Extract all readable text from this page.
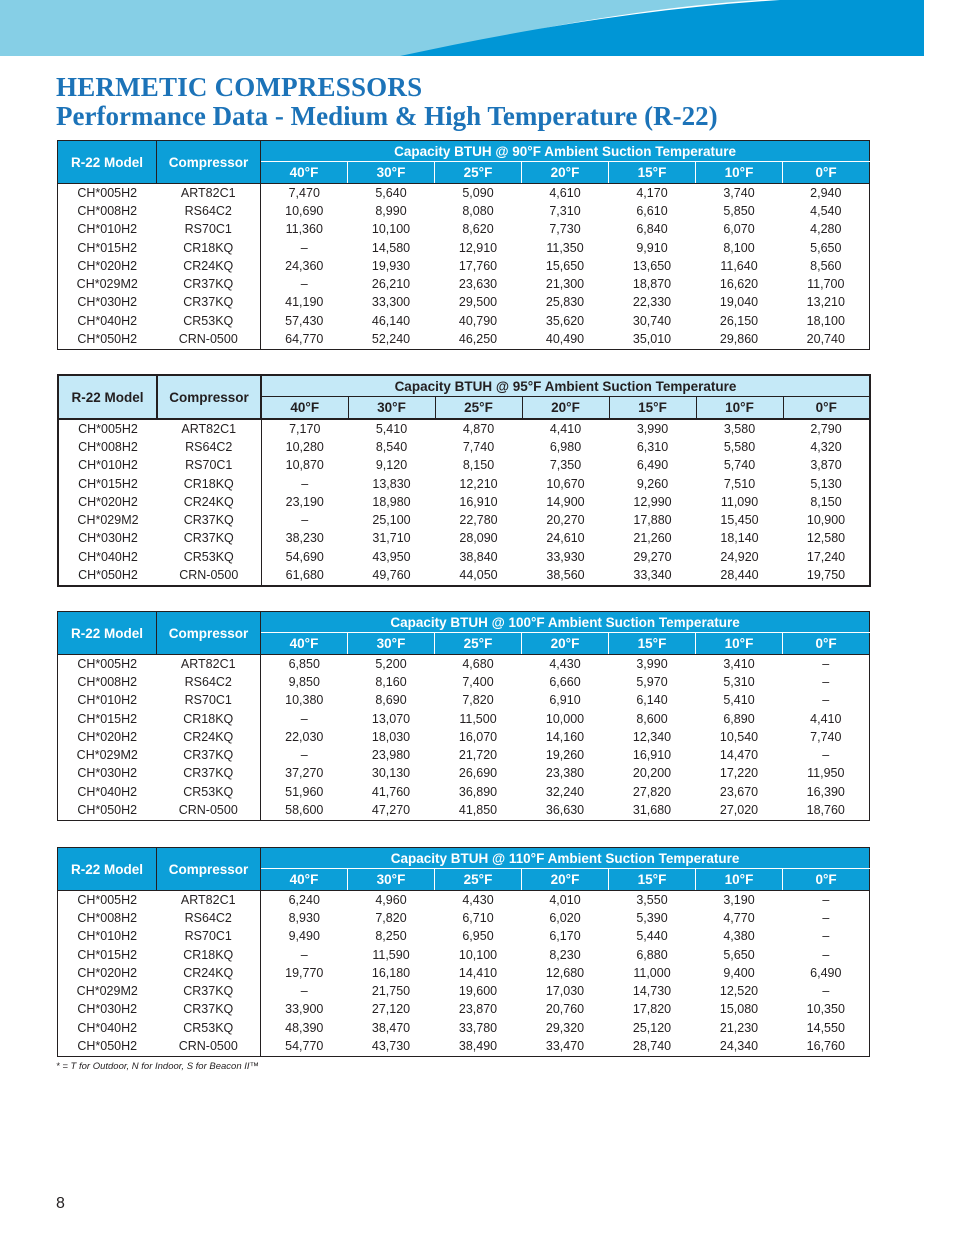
HERMETIC COMPRESSORS
Performance Data - Medium & High Temperature (R-22)
R-22 Model	Compressor	Capacity BTUH @ 90°F Ambient Suction Temperature						
		40°F	30°F	25°F	20°F	15°F	10°F	0°F
CH*005H2	ART82C1	7,470	5,640	5,090	4,610	4,170	3,740	2,940
CH*008H2	RS64C2	10,690	8,990	8,080	7,310	6,610	5,850	4,540
CH*010H2	RS70C1	11,360	10,100	8,620	7,730	6,840	6,070	4,280
CH*015H2	CR18KQ	–	14,580	12,910	11,350	9,910	8,100	5,650
CH*020H2	CR24KQ	24,360	19,930	17,760	15,650	13,650	11,640	8,560
CH*029M2	CR37KQ	–	26,210	23,630	21,300	18,870	16,620	11,700
CH*030H2	CR37KQ	41,190	33,300	29,500	25,830	22,330	19,040	13,210
CH*040H2	CR53KQ	57,430	46,140	40,790	35,620	30,740	26,150	18,100
CH*050H2	CRN-0500	64,770	52,240	46,250	40,490	35,010	29,860	20,740
R-22 Model	Compressor	Capacity BTUH @ 95°F Ambient Suction Temperature						
		40°F	30°F	25°F	20°F	15°F	10°F	0°F
CH*005H2	ART82C1	7,170	5,410	4,870	4,410	3,990	3,580	2,790
CH*008H2	RS64C2	10,280	8,540	7,740	6,980	6,310	5,580	4,320
CH*010H2	RS70C1	10,870	9,120	8,150	7,350	6,490	5,740	3,870
CH*015H2	CR18KQ	–	13,830	12,210	10,670	9,260	7,510	5,130
CH*020H2	CR24KQ	23,190	18,980	16,910	14,900	12,990	11,090	8,150
CH*029M2	CR37KQ	–	25,100	22,780	20,270	17,880	15,450	10,900
CH*030H2	CR37KQ	38,230	31,710	28,090	24,610	21,260	18,140	12,580
CH*040H2	CR53KQ	54,690	43,950	38,840	33,930	29,270	24,920	17,240
CH*050H2	CRN-0500	61,680	49,760	44,050	38,560	33,340	28,440	19,750
R-22 Model	Compressor	Capacity BTUH @ 100°F Ambient Suction Temperature						
		40°F	30°F	25°F	20°F	15°F	10°F	0°F
CH*005H2	ART82C1	6,850	5,200	4,680	4,430	3,990	3,410	–
CH*008H2	RS64C2	9,850	8,160	7,400	6,660	5,970	5,310	–
CH*010H2	RS70C1	10,380	8,690	7,820	6,910	6,140	5,410	–
CH*015H2	CR18KQ	–	13,070	11,500	10,000	8,600	6,890	4,410
CH*020H2	CR24KQ	22,030	18,030	16,070	14,160	12,340	10,540	7,740
CH*029M2	CR37KQ	–	23,980	21,720	19,260	16,910	14,470	–
CH*030H2	CR37KQ	37,270	30,130	26,690	23,380	20,200	17,220	11,950
CH*040H2	CR53KQ	51,960	41,760	36,890	32,240	27,820	23,670	16,390
CH*050H2	CRN-0500	58,600	47,270	41,850	36,630	31,680	27,020	18,760
R-22 Model	Compressor	Capacity BTUH @ 110°F Ambient Suction Temperature						
		40°F	30°F	25°F	20°F	15°F	10°F	0°F
CH*005H2	ART82C1	6,240	4,960	4,430	4,010	3,550	3,190	–
CH*008H2	RS64C2	8,930	7,820	6,710	6,020	5,390	4,770	–
CH*010H2	RS70C1	9,490	8,250	6,950	6,170	5,440	4,380	–
CH*015H2	CR18KQ	–	11,590	10,100	8,230	6,880	5,650	–
CH*020H2	CR24KQ	19,770	16,180	14,410	12,680	11,000	9,400	6,490
CH*029M2	CR37KQ	–	21,750	19,600	17,030	14,730	12,520	–
CH*030H2	CR37KQ	33,900	27,120	23,870	20,760	17,820	15,080	10,350
CH*040H2	CR53KQ	48,390	38,470	33,780	29,320	25,120	21,230	14,550
CH*050H2	CRN-0500	54,770	43,730	38,490	33,470	28,740	24,340	16,760
* = T for Outdoor, N for Indoor, S for Beacon II™
8
